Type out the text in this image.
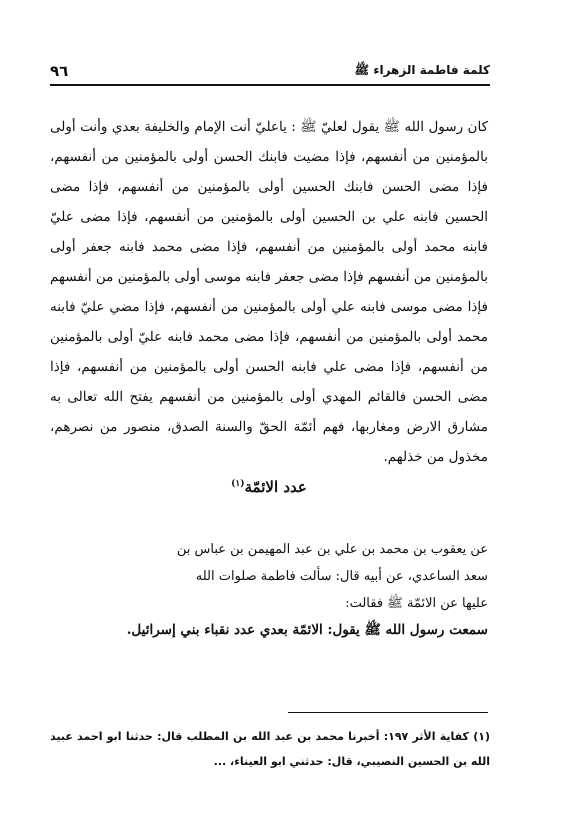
كلمة فاطمة الزهراء ﷺ
٩٦

كان رسول الله ﷺ يقول لعليّ ﷺ : ياعليّ أنت الإمام والخليفة بعدي وأنت أولى بالمؤمنين من أنفسهم، فإذا مضيت فابنك الحسن أولى بالمؤمنين من أنفسهم، فإذا مضى الحسن فابنك الحسين أولى بالمؤمنين من أنفسهم، فإذا مضى الحسين فابنه علي بن الحسين أولى بالمؤمنين من أنفسهم، فإذا مضى عليّ فابنه محمد أولى بالمؤمنين من أنفسهم، فإذا مضى محمد فابنه جعفر أولى بالمؤمنين من أنفسهم فإذا مضى جعفر فابنه موسى أولى بالمؤمنين من أنفسهم فإذا مضى موسى فابنه علي أولى بالمؤمنين من أنفسهم، فإذا مضي عليّ فابنه محمد أولى بالمؤمنين من أنفسهم، فإذا مضى محمد فابنه عليّ أولى بالمؤمنين من أنفسهم، فإذا مضى علي فابنه الحسن أولى بالمؤمنين من أنفسهم، فإذا مضى الحسن فالقائم المهدي أولى بالمؤمنين من أنفسهم يفتح الله تعالى به مشارق الارض ومغاربها، فهم أئمّة الحقّ والسنة الصدق، منصور من نصرهم، مخذول من خذلهم.

عدد الائمّة$^{(١)}$
عن يعقوب بن محمد بن علي بن عبد المهيمن بن عباس بن
سعد الساعدي، عن أبيه قال: سألت فاطمة صلوات الله
عليها عن الائمّة ﷺ فقالت:
سمعت رسول الله ﷺ يقول: الائمّة بعدي عدد نقباء بني إسرائيل.

(١) كفاية الأثر ١٩٧: أخبرنا محمد بن عبد الله بن المطلب قال: حدثنا ابو احمد عبيد الله بن الحسين النصيبي، قال: حدثني ابو العيناء، ...
